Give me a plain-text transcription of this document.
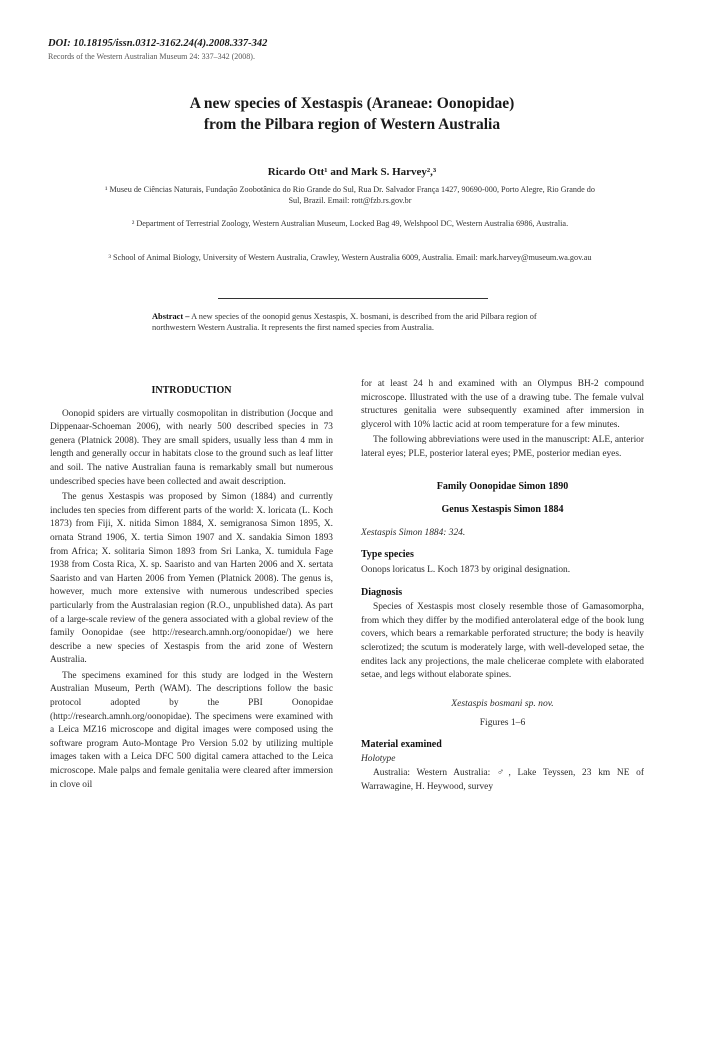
DOI: 10.18195/issn.0312-3162.24(4).2008.337-342
Records of the Western Australian Museum 24: 337–342 (2008).
A new species of Xestaspis (Araneae: Oonopidae)
from the Pilbara region of Western Australia
Ricardo Ott¹ and Mark S. Harvey²,³
¹ Museu de Ciências Naturais, Fundação Zoobotânica do Rio Grande do Sul, Rua Dr. Salvador França 1427, 90690-000, Porto Alegre, Rio Grande do Sul, Brazil. Email: rott@fzb.rs.gov.br
² Department of Terrestrial Zoology, Western Australian Museum, Locked Bag 49, Welshpool DC, Western Australia 6986, Australia.
³ School of Animal Biology, University of Western Australia, Crawley, Western Australia 6009, Australia. Email: mark.harvey@museum.wa.gov.au
Abstract – A new species of the oonopid genus Xestaspis, X. bosmani, is described from the arid Pilbara region of northwestern Western Australia. It represents the first named species from Australia.
INTRODUCTION

Oonopid spiders are virtually cosmopolitan in distribution (Jocque and Dippenaar-Schoeman 2006), with nearly 500 described species in 73 genera (Platnick 2008). They are small spiders, usually less than 4 mm in length and generally occur in habitats close to the ground such as leaf litter and soil. The native Australian fauna is remarkably small but numerous undescribed species have been collected and await description.

The genus Xestaspis was proposed by Simon (1884) and currently includes ten species from different parts of the world: X. loricata (L. Koch 1873) from Fiji, X. nitida Simon 1884, X. semigranosa Simon 1895, X. ornata Strand 1906, X. tertia Simon 1907 and X. sandakia Simon 1893 from Africa; X. solitaria Simon 1893 from Sri Lanka, X. tumidula Fage 1938 from Costa Rica, X. sp. Saaristo and van Harten 2006 and X. sertata Saaristo and van Harten 2006 from Yemen (Platnick 2008). The genus is, however, much more extensive with numerous undescribed species particularly from the Australasian region (R.O., unpublished data). As part of a large-scale review of the genera associated with a global review of the family Oonopidae (see http://research.amnh.org/oonopidae/) we here describe a new species of Xestaspis from the arid zone of Western Australia.

The specimens examined for this study are lodged in the Western Australian Museum, Perth (WAM). The descriptions follow the basic protocol adopted by the PBI Oonopidae (http://research.amnh.org/oonopidae). The specimens were examined with a Leica MZ16 microscope and digital images were composed using the software program Auto-Montage Pro Version 5.02 by utilizing multiple images taken with a Leica DFC 500 digital camera attached to the Leica microscope. Male palps and female genitalia were cleared after immersion in clove oil

for at least 24 h and examined with an Olympus BH-2 compound microscope. Illustrated with the use of a drawing tube. The female vulval structures genitalia were subsequently examined after immersion in glycerol with 10% lactic acid at room temperature for a few minutes.

The following abbreviations were used in the manuscript: ALE, anterior lateral eyes; PLE, posterior lateral eyes; PME, posterior median eyes.

Family Oonopidae Simon 1890
Genus Xestaspis Simon 1884
Xestaspis Simon 1884: 324.
Type species

Oonops loricatus L. Koch 1873 by original designation.

Diagnosis

Species of Xestaspis most closely resemble those of Gamasomorpha, from which they differ by the modified anterolateral edge of the book lung covers, which bears a remarkable perforated structure; the body is heavily sclerotized; the scutum is moderately large, with well-developed setae, the endites lack any projections, the male chelicerae complete with elaborated setae, and legs without elaborate spines.

Xestaspis bosmani sp. nov.
Figures 1–6
Material examined
Holotype

Australia: Western Australia: ♂, Lake Teyssen, 23 km NE of Warrawagine, H. Heywood, survey
